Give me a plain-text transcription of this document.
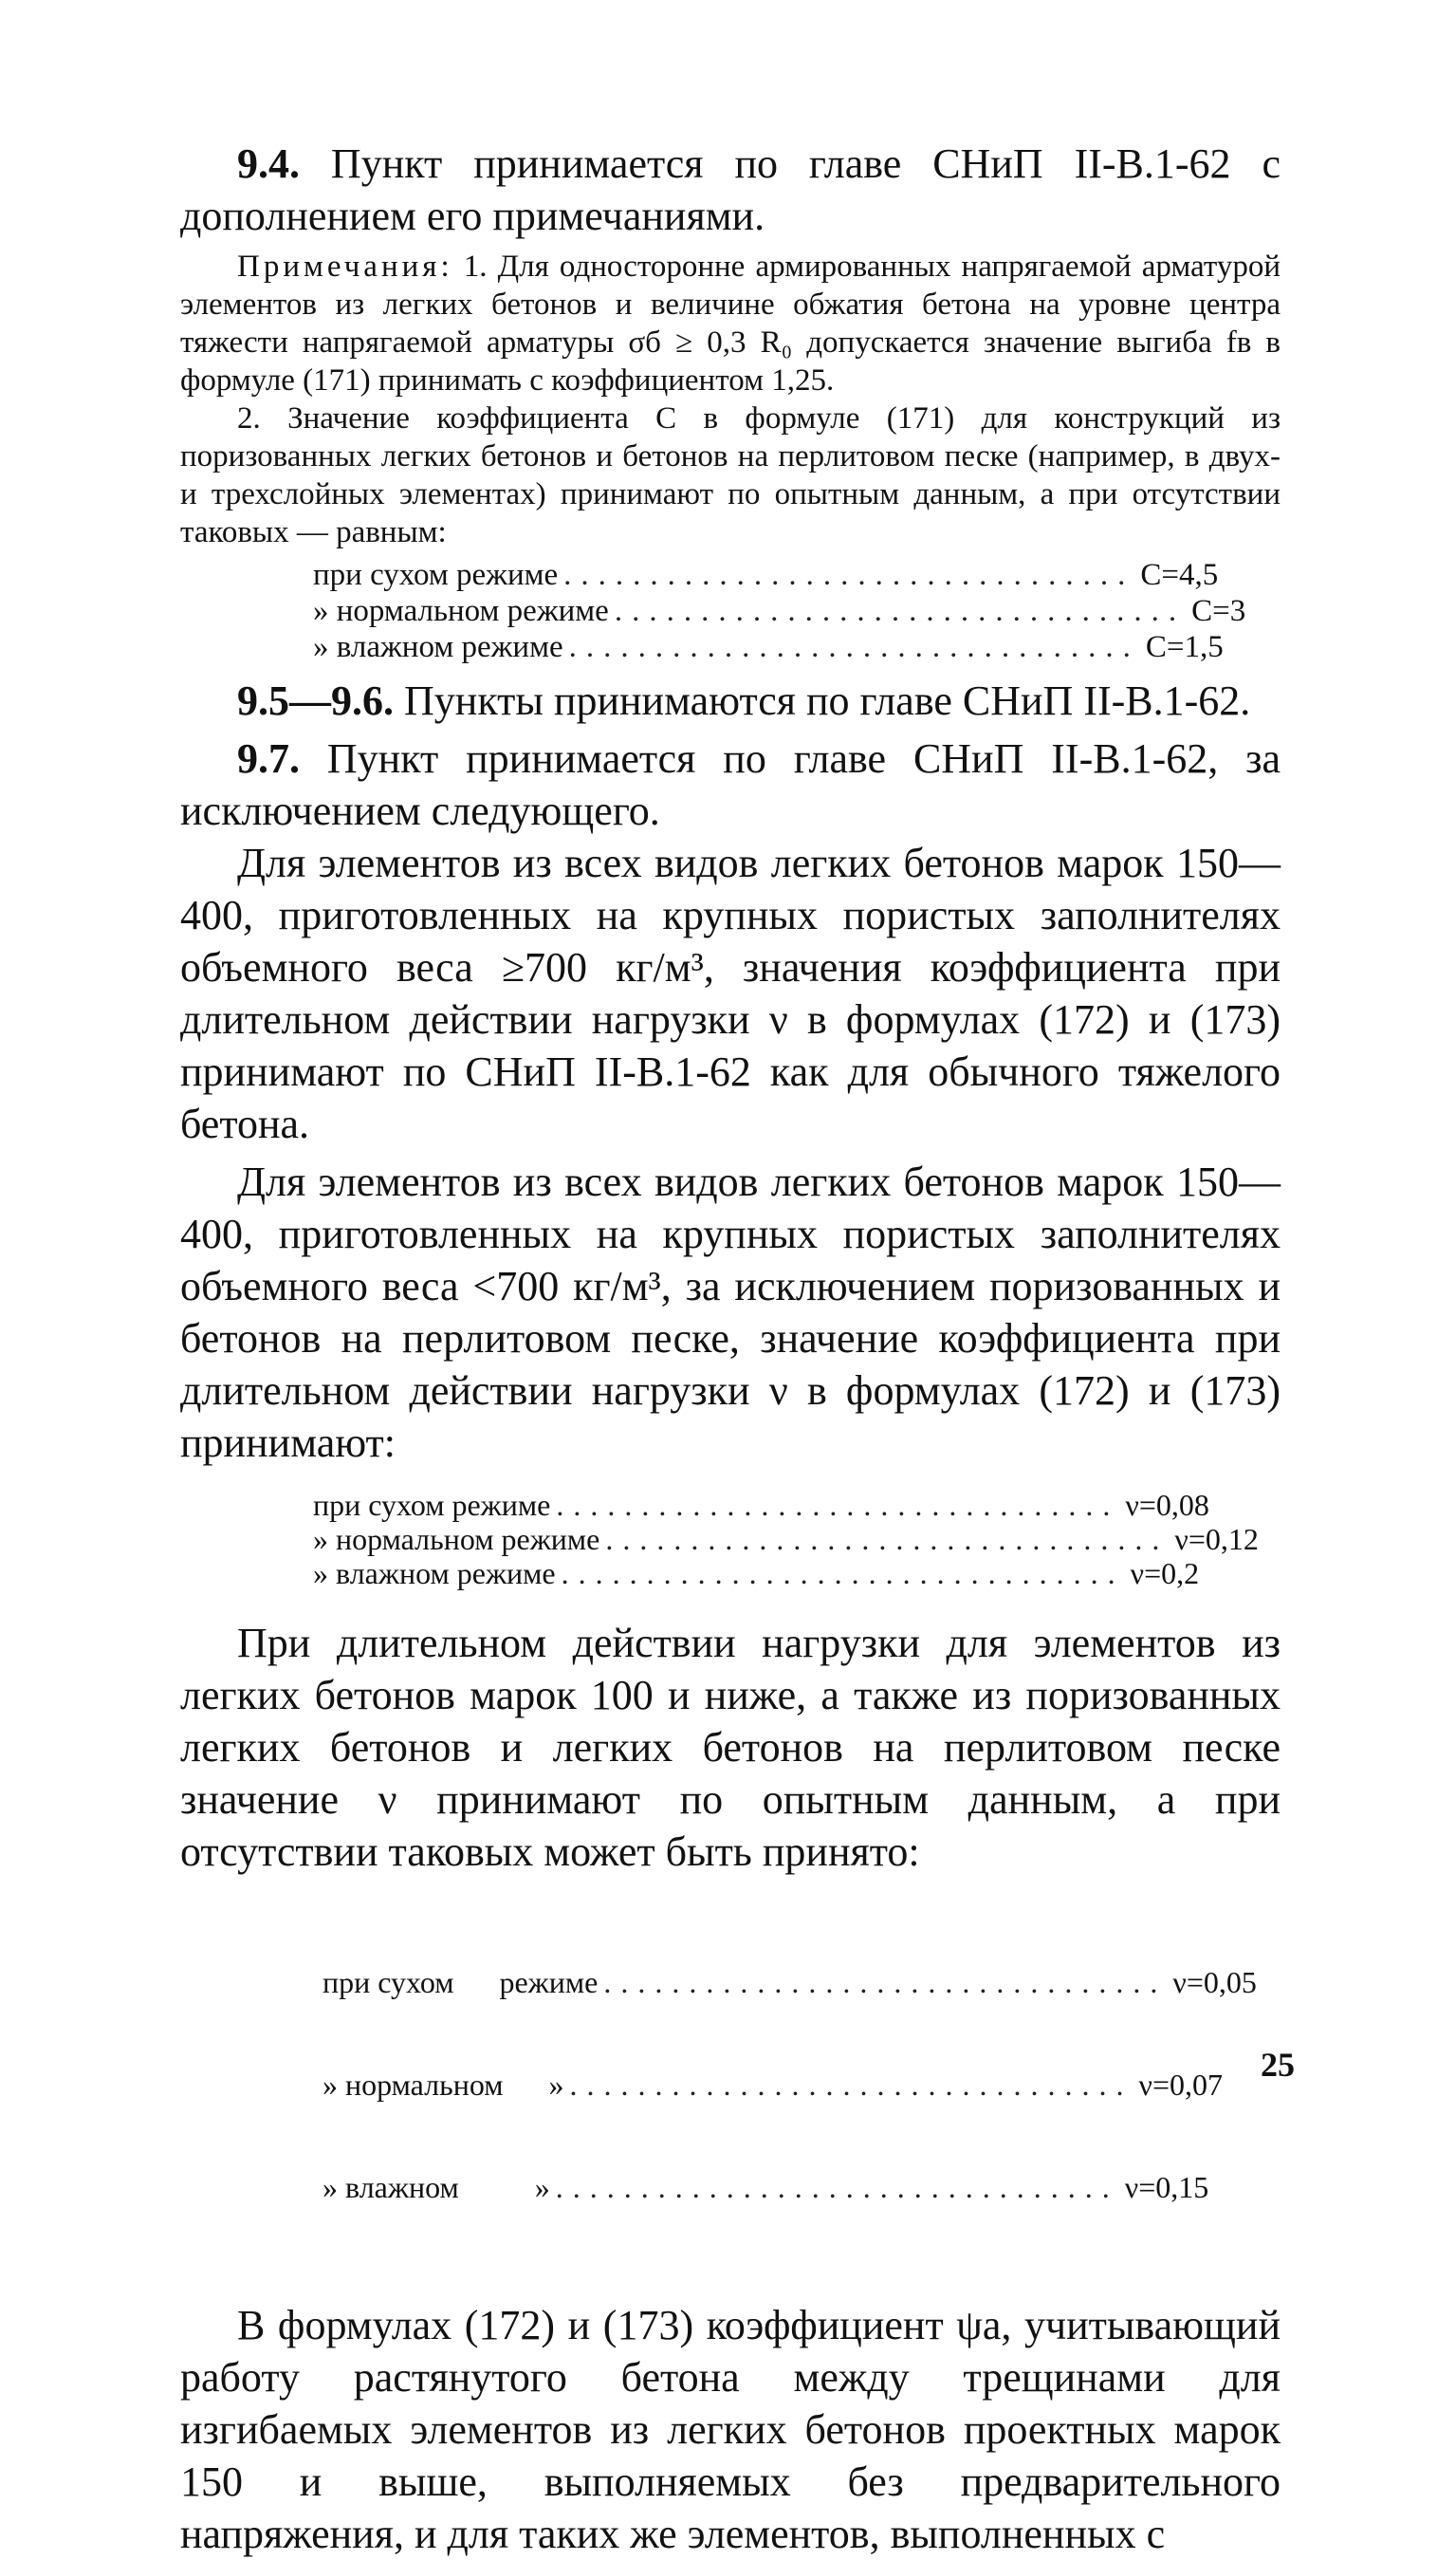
9.4. Пункт принимается по главе СНиП II-В.1-62 с дополнением его примечаниями.

Примечания: 1. Для односторонне армированных напрягаемой арматурой элементов из легких бетонов и величине обжатия бетона на уровне центра тяжести напрягаемой арматуры σб ≥ 0,3 R₀ допускается значение выгиба fв в формуле (171) принимать с коэффициентом 1,25.

2. Значение коэффициента C в формуле (171) для конструкций из поризованных легких бетонов и бетонов на перлитовом песке (например, в двух- и трехслойных элементах) принимают по опытным данным, а при отсутствии таковых — равным:

при сухом режиме ................................. C=4,5
» нормальном режиме ................................. C=3
» влажном режиме ................................. C=1,5

9.5—9.6. Пункты принимаются по главе СНиП II-В.1-62.

9.7. Пункт принимается по главе СНиП II-В.1-62, за исключением следующего.

Для элементов из всех видов легких бетонов марок 150—400, приготовленных на крупных пористых заполнителях объемного веса ≥700 кг/м³, значения коэффициента при длительном действии нагрузки ν в формулах (172) и (173) принимают по СНиП II-В.1-62 как для обычного тяжелого бетона.

Для элементов из всех видов легких бетонов марок 150—400, приготовленных на крупных пористых заполнителях объемного веса <700 кг/м³, за исключением поризованных и бетонов на перлитовом песке, значение коэффициента при длительном действии нагрузки ν в формулах (172) и (173) принимают:

при сухом режиме ................................. ν=0,08
» нормальном режиме ................................. ν=0,12
» влажном режиме ................................. ν=0,2

При длительном действии нагрузки для элементов из легких бетонов марок 100 и ниже, а также из поризованных легких бетонов и легких бетонов на перлитовом песке значение ν принимают по опытным данным, а при отсутствии таковых может быть принято:

при сухом      режиме ................................. ν=0,05

» нормальном      » ................................. ν=0,07

» влажном          » ................................. ν=0,15

В формулах (172) и (173) коэффициент ψа, учитывающий работу растянутого бетона между трещинами для изгибаемых элементов из легких бетонов проектных марок 150 и выше, выполняемых без предварительного напряжения, и для таких же элементов, выполненных с

25
